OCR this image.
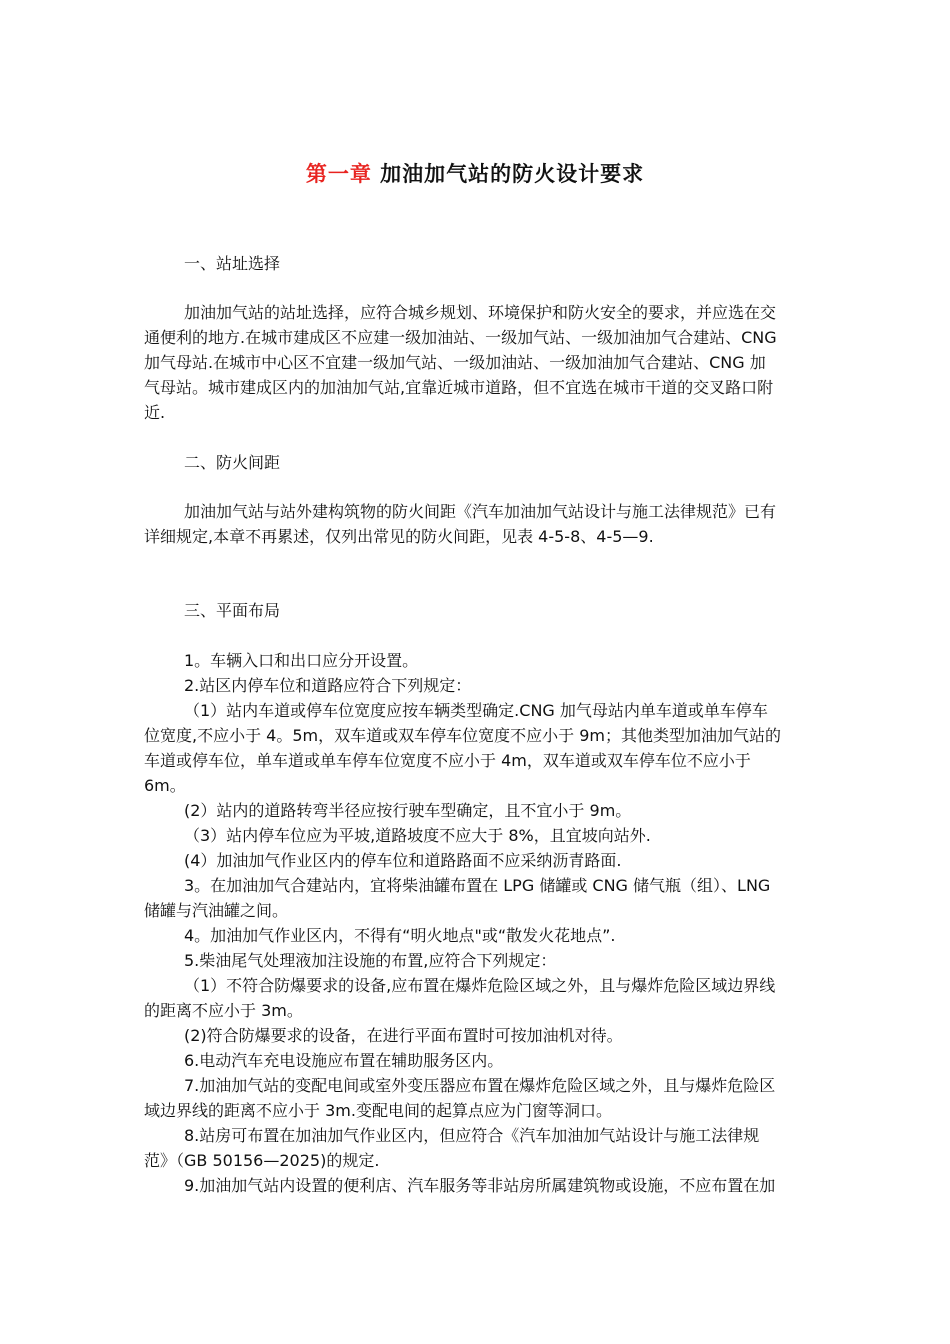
第一章 加油加气站的防火设计要求
一、站址选择
加油加气站的站址选择，应符合城乡规划、环境保护和防火安全的要求，并应选在交
通便利的地方.在城市建成区不应建一级加油站、一级加气站、一级加油加气合建站、CNG
加气母站.在城市中心区不宜建一级加气站、一级加油站、一级加油加气合建站、CNG 加
气母站。城市建成区内的加油加气站,宜靠近城市道路，但不宜选在城市干道的交叉路口附
近.
二、防火间距
加油加气站与站外建构筑物的防火间距《汽车加油加气站设计与施工法律规范》已有
详细规定,本章不再累述，仅列出常见的防火间距，见表 4-5-8、4-5—9.
三、平面布局
1。车辆入口和出口应分开设置。
2.站区内停车位和道路应符合下列规定：
（1）站内车道或停车位宽度应按车辆类型确定.CNG 加气母站内单车道或单车停车
位宽度,不应小于 4。5m，双车道或双车停车位宽度不应小于 9m；其他类型加油加气站的
车道或停车位，单车道或单车停车位宽度不应小于 4m，双车道或双车停车位不应小于
6m。
(2）站内的道路转弯半径应按行驶车型确定，且不宜小于 9m。
（3）站内停车位应为平坡,道路坡度不应大于 8%，且宜坡向站外.
(4）加油加气作业区内的停车位和道路路面不应采纳沥青路面.
3。在加油加气合建站内，宜将柴油罐布置在 LPG 储罐或 CNG 储气瓶（组）、LNG
储罐与汽油罐之间。
4。加油加气作业区内，不得有“明火地点"或“散发火花地点”.
5.柴油尾气处理液加注设施的布置,应符合下列规定：
（1）不符合防爆要求的设备,应布置在爆炸危险区域之外，且与爆炸危险区域边界线
的距离不应小于 3m。
(2)符合防爆要求的设备，在进行平面布置时可按加油机对待。
6.电动汽车充电设施应布置在辅助服务区内。
7.加油加气站的变配电间或室外变压器应布置在爆炸危险区域之外，且与爆炸危险区
域边界线的距离不应小于 3m.变配电间的起算点应为门窗等洞口。
8.站房可布置在加油加气作业区内，但应符合《汽车加油加气站设计与施工法律规
范》（GB 50156—2025)的规定.
9.加油加气站内设置的便利店、汽车服务等非站房所属建筑物或设施，不应布置在加
